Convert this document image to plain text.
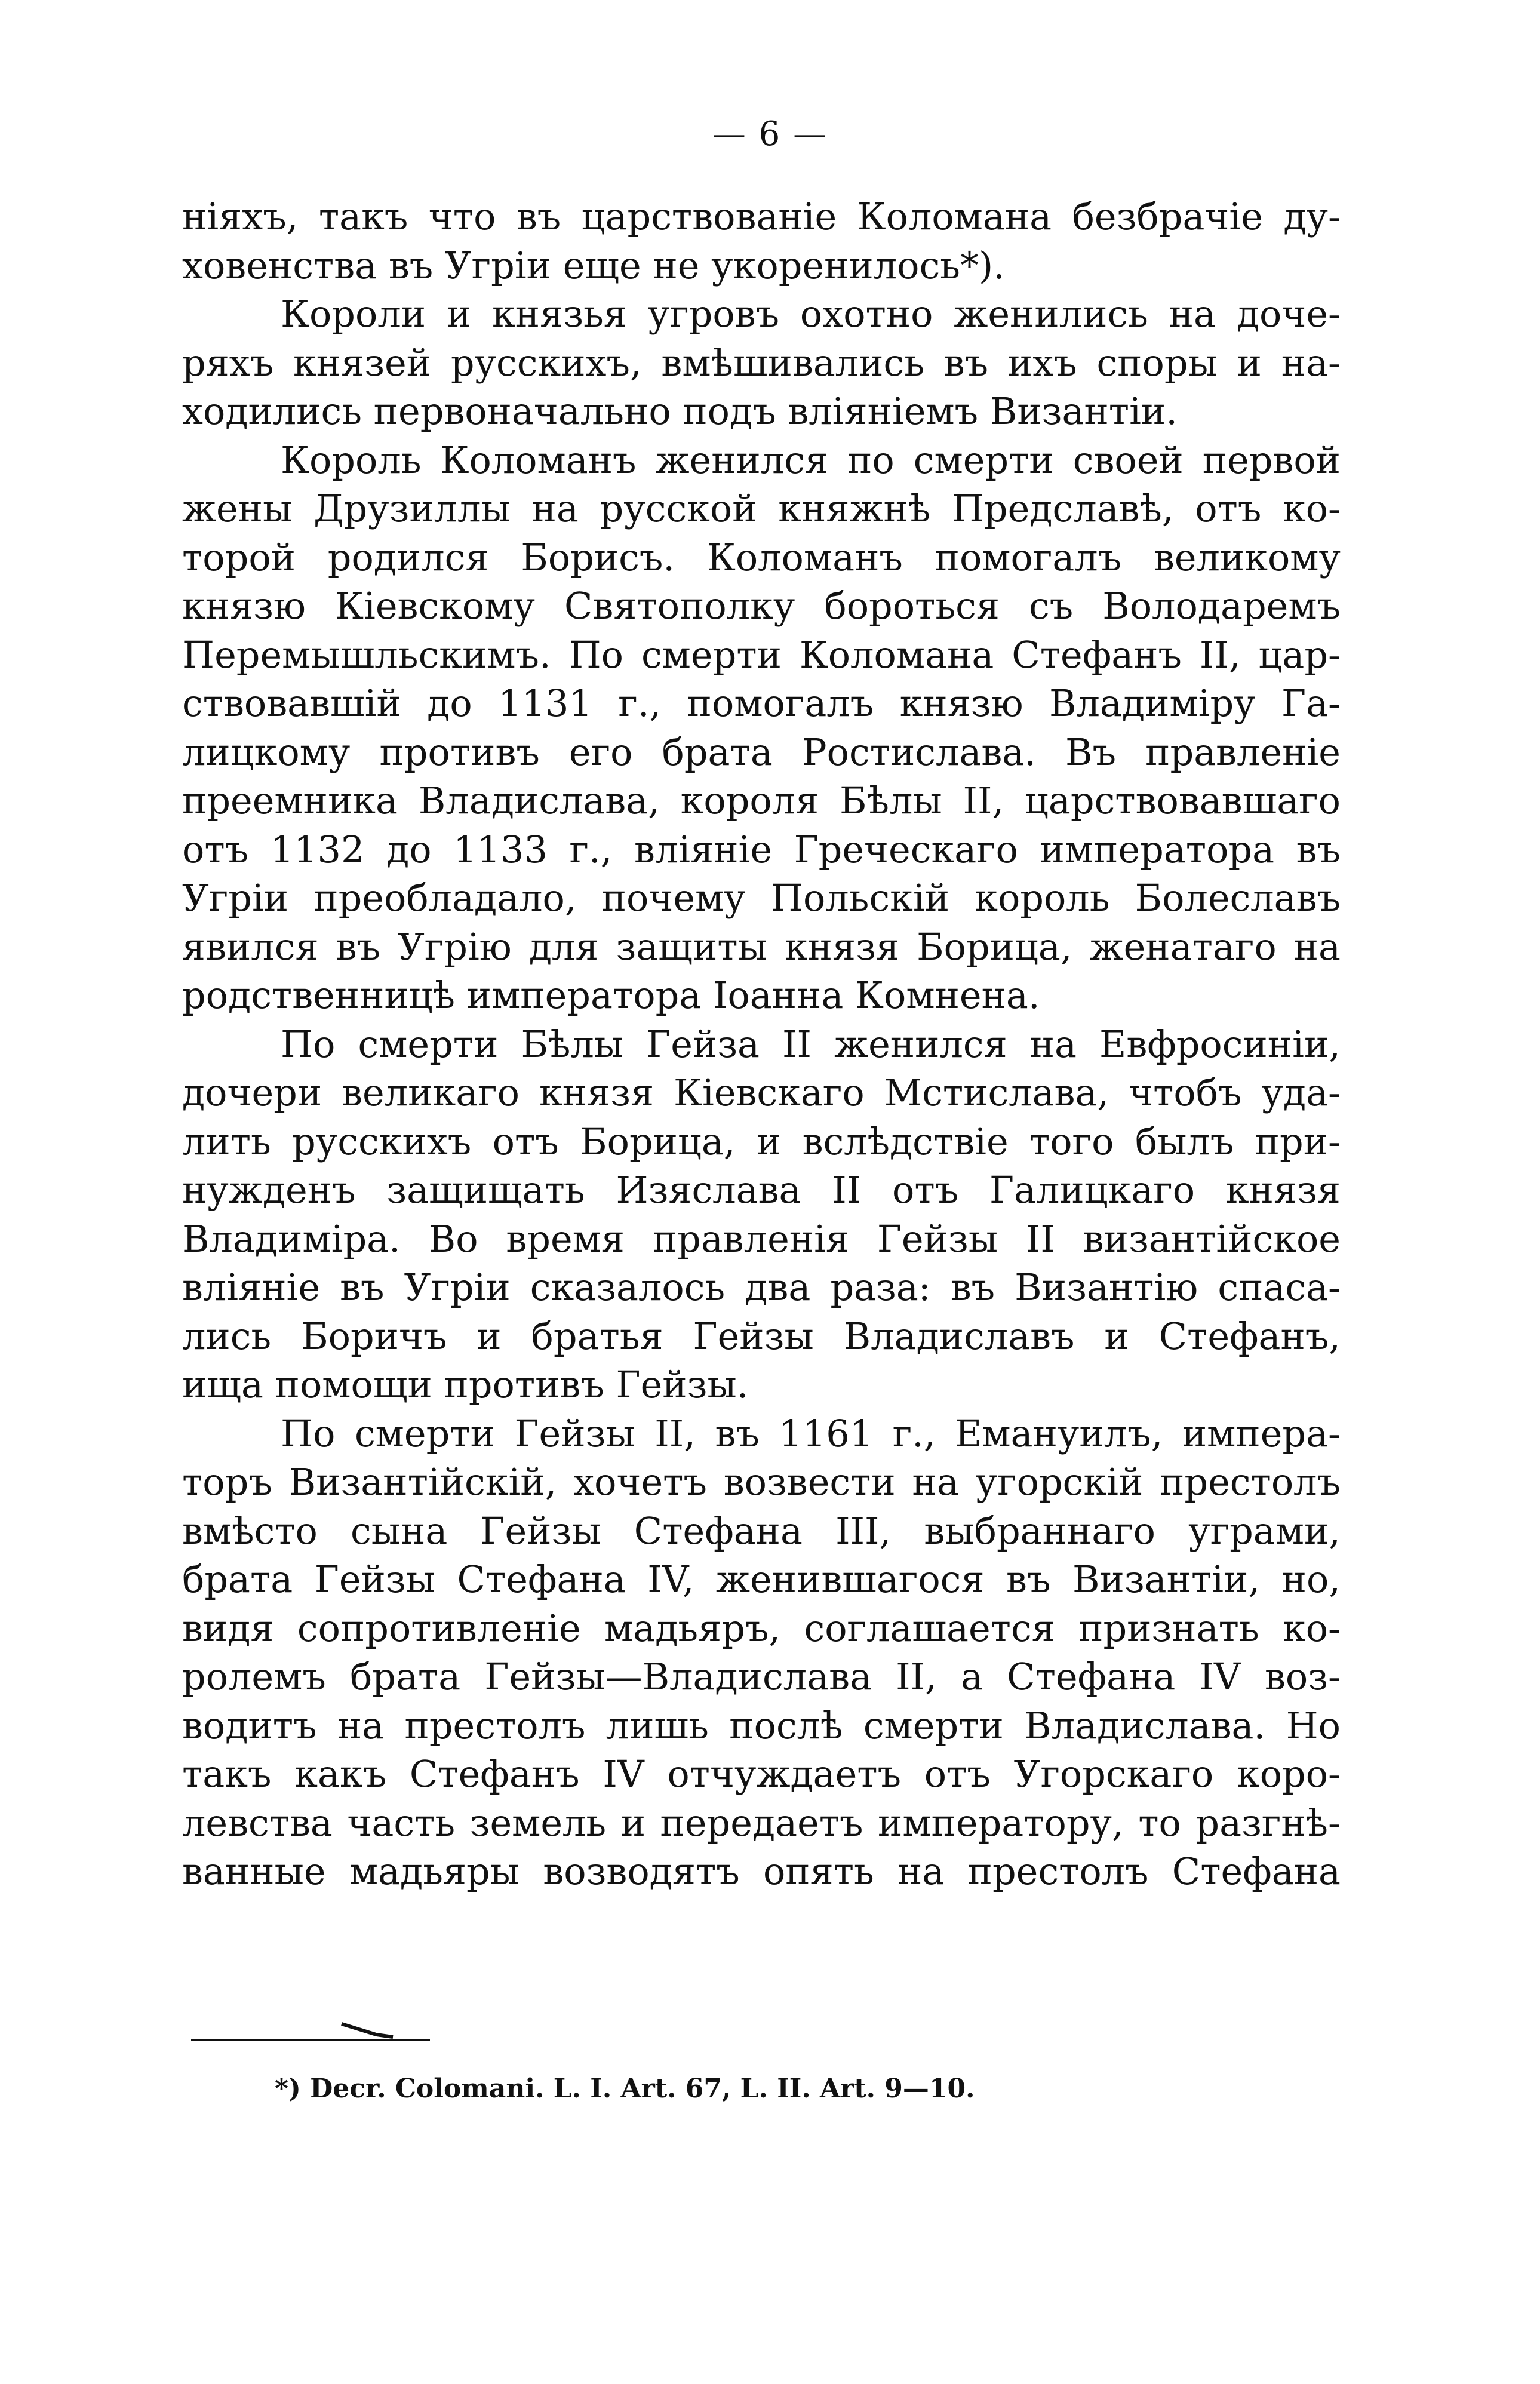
— 6 —
ніяхъ, такъ что въ царствованіе Коломана безбрачіе ду-
ховенства въ Угріи еще не укоренилось*).
Короли и князья угровъ охотно женились на доче-
ряхъ князей русскихъ, вмѣшивались въ ихъ споры и на-
ходились первоначально подъ вліяніемъ Византіи.
Король Коломанъ женился по смерти своей первой
жены Друзиллы на русской княжнѣ Предславѣ, отъ ко-
торой родился Борисъ. Коломанъ помогалъ великому
князю Кіевскому Святополку бороться съ Володаремъ
Перемышльскимъ. По смерти Коломана Стефанъ II, цар-
ствовавшій до 1131 г., помогалъ князю Владиміру Га-
лицкому противъ его брата Ростислава. Въ правленіе
преемника Владислава, короля Бѣлы II, царствовавшаго
отъ 1132 до 1133 г., вліяніе Греческаго императора въ
Угріи преобладало, почему Польскій король Болеславъ
явился въ Угрію для защиты князя Борица, женатаго на
родственницѣ императора Іоанна Комнена.
По смерти Бѣлы Гейза II женился на Евфросиніи,
дочери великаго князя Кіевскаго Мстислава, чтобъ уда-
лить русскихъ отъ Борица, и вслѣдствіе того былъ при-
нужденъ защищать Изяслава II отъ Галицкаго князя
Владиміра. Во время правленія Гейзы II византійское
вліяніе въ Угріи сказалось два раза: въ Византію спаса-
лись Боричъ и братья Гейзы Владиславъ и Стефанъ,
ища помощи противъ Гейзы.
По смерти Гейзы II, въ 1161 г., Емануилъ, импера-
торъ Византійскій, хочетъ возвести на угорскій престолъ
вмѣсто сына Гейзы Стефана III, выбраннаго уграми,
брата Гейзы Стефана IV, женившагося въ Византіи, но,
видя сопротивленіе мадьяръ, соглашается признать ко-
ролемъ брата Гейзы—Владислава II, а Стефана IV воз-
водитъ на престолъ лишь послѣ смерти Владислава. Но
такъ какъ Стефанъ IV отчуждаетъ отъ Угорскаго коро-
левства часть земель и передаетъ императору, то разгнѣ-
ванные мадьяры возводятъ опять на престолъ Стефана
*) Decr. Colomani. L. I. Art. 67, L. II. Art. 9—10.
